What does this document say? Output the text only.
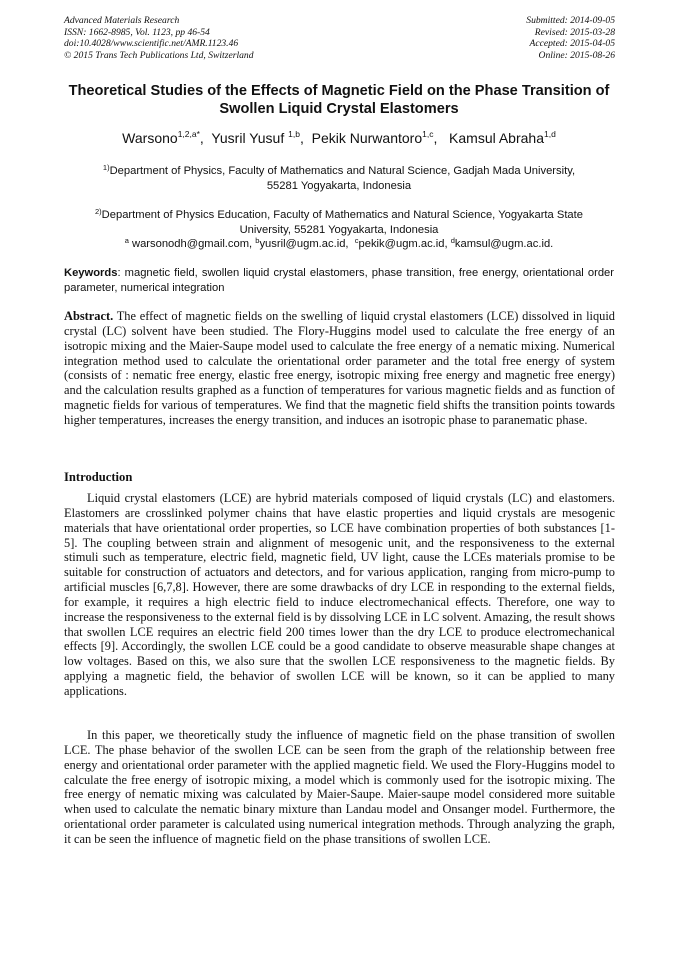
Advanced Materials Research
ISSN: 1662-8985, Vol. 1123, pp 46-54
doi:10.4028/www.scientific.net/AMR.1123.46
© 2015 Trans Tech Publications Ltd, Switzerland
Submitted: 2014-09-05
Revised: 2015-03-28
Accepted: 2015-04-05
Online: 2015-08-26
Theoretical Studies of the Effects of Magnetic Field on the Phase Transition of Swollen Liquid Crystal Elastomers
Warsono$^{1,2,a*}$,  Yusril Yusuf $^{1,b}$,  Pekik Nurwantoro$^{1,c}$,   Kamsul Abraha$^{1,d}$
$^{1)}$Department of Physics, Faculty of Mathematics and Natural Science, Gadjah Mada University,
55281 Yogyakarta, Indonesia
$^{2)}$Department of Physics Education, Faculty of Mathematics and Natural Science, Yogyakarta State
University, 55281 Yogyakarta, Indonesia
$^a$ warsonodh@gmail.com, $^b$yusril@ugm.ac.id, $^c$pekik@ugm.ac.id, $^d$kamsul@ugm.ac.id.
Keywords: magnetic field, swollen liquid crystal elastomers, phase transition, free energy, orientational order parameter, numerical integration

Abstract. The effect of magnetic fields on the swelling of liquid crystal elastomers (LCE) dissolved in liquid crystal (LC) solvent have been studied. The Flory-Huggins model used to calculate the free energy of an isotropic mixing and the Maier-Saupe model used to calculate the free energy of a nematic mixing. Numerical integration method used to calculate the orientational order parameter and the total free energy of system (consists of : nematic free energy, elastic free energy, isotropic mixing free energy and magnetic free energy) and the calculation results graphed as a function of temperatures for various magnetic fields and as function of magnetic fields for various of temperatures. We find that the magnetic field shifts the transition points towards higher temperatures, increases the energy transition, and induces an isotropic phase to paranematic phase.

Introduction

Liquid crystal elastomers (LCE) are hybrid materials composed of liquid crystals (LC) and elastomers. Elastomers are crosslinked polymer chains that have elastic properties and liquid crystals are mesogenic materials that have orientational order properties, so LCE have combination properties of both substances [1-5]. The coupling between strain and alignment of mesogenic unit, and the responsiveness to the external stimuli such as temperature, electric field, magnetic field, UV light, cause the LCEs materials promise to be suitable for construction of actuators and detectors, and for various application, ranging from micro-pump to artificial muscles [6,7,8]. However, there are some drawbacks of dry LCE in responding to the external fields, for example, it requires a high electric field to induce electromechanical effects. Therefore, one way to increase the responsiveness to the external field is by dissolving LCE in LC solvent. Amazing, the result shows that swollen LCE requires an electric field 200 times lower than the dry LCE to produce electromechanical effects [9]. Accordingly, the swollen LCE could be a good candidate to observe measurable shape changes at low voltages. Based on this, we also sure that the swollen LCE responsiveness to the magnetic fields. By applying a magnetic field, the behavior of swollen LCE will be known, so it can be applied to many applications.

In this paper, we theoretically study the influence of magnetic field on the phase transition of swollen LCE. The phase behavior of the swollen LCE can be seen from the graph of the relationship between free energy and orientational order parameter with the applied magnetic field. We used the Flory-Huggins model to calculate the free energy of isotropic mixing, a model which is commonly used for the isotropic mixing. The free energy of nematic mixing was calculated by Maier-Saupe. Maier-saupe model considered more suitable when used to calculate the nematic binary mixture than Landau model and Onsanger model. Furthermore, the orientational order parameter is calculated using numerical integration methods. Through analyzing the graph, it can be seen the influence of magnetic field on the phase transitions of swollen LCE.
